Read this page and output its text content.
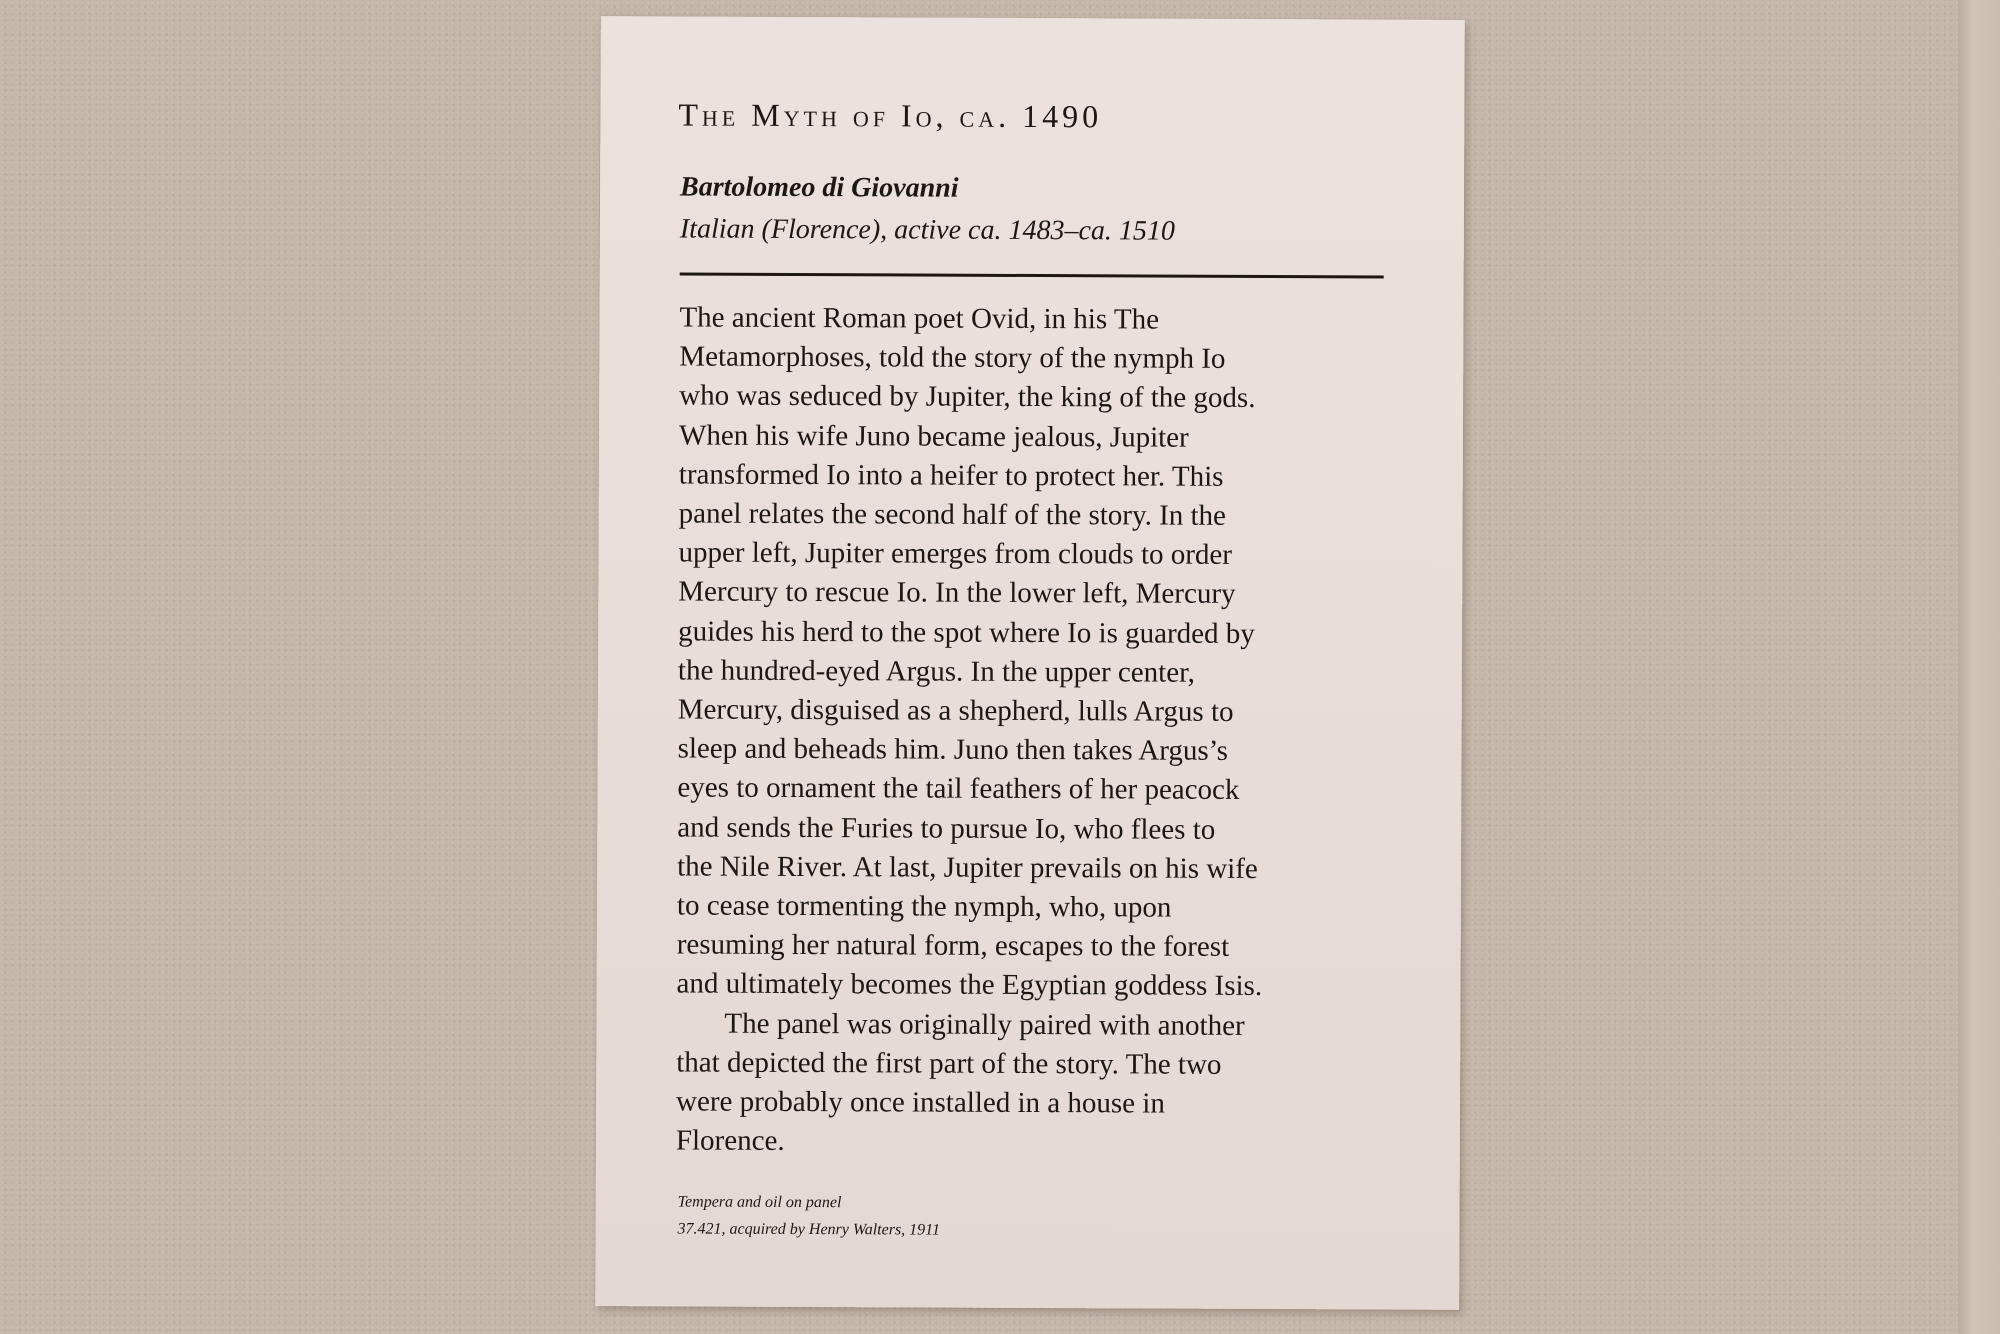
The Myth of Io, ca. 1490
Bartolomeo di Giovanni
Italian (Florence), active ca. 1483–ca. 1510
The ancient Roman poet Ovid, in his The
Metamorphoses, told the story of the nymph Io
who was seduced by Jupiter, the king of the gods.
When his wife Juno became jealous, Jupiter
transformed Io into a heifer to protect her. This
panel relates the second half of the story. In the
upper left, Jupiter emerges from clouds to order
Mercury to rescue Io. In the lower left, Mercury
guides his herd to the spot where Io is guarded by
the hundred-eyed Argus. In the upper center,
Mercury, disguised as a shepherd, lulls Argus to
sleep and beheads him. Juno then takes Argus’s
eyes to ornament the tail feathers of her peacock
and sends the Furies to pursue Io, who flees to
the Nile River. At last, Jupiter prevails on his wife
to cease tormenting the nymph, who, upon
resuming her natural form, escapes to the forest
and ultimately becomes the Egyptian goddess Isis.
The panel was originally paired with another
that depicted the first part of the story. The two
were probably once installed in a house in
Florence.
Tempera and oil on panel
37.421, acquired by Henry Walters, 1911
